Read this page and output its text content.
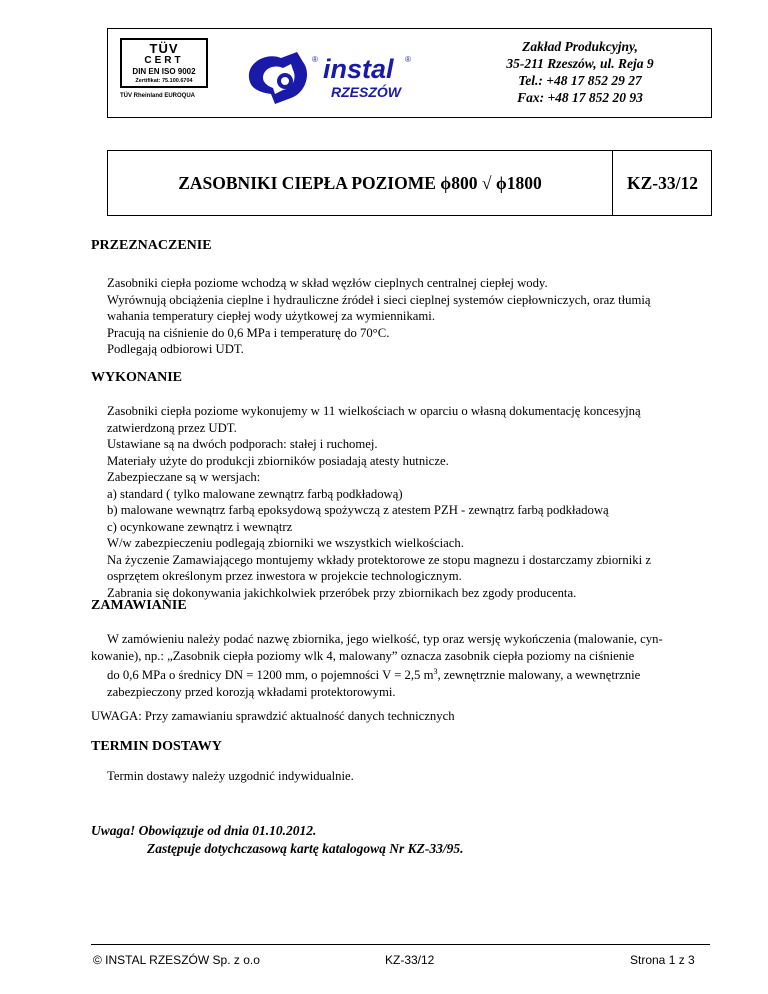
TÜV
CERT
DIN EN ISO 9002
Zertifikat: 75.100.6704
TÜV Rheinland EUROQUA
instal
RZESZÓW
®	®
Zakład Produkcyjny,
35-211 Rzeszów, ul. Reja 9
Tel.: +48 17 852 29 27
Fax: +48 17 852 20 93
ZASOBNIKI CIEPŁA POZIOME ϕ800 √ ϕ1800	KZ-33/12
PRZEZNACZENIE
Zasobniki ciepła poziome wchodzą w skład węzłów cieplnych centralnej ciepłej wody.
Wyrównują obciążenia cieplne i hydrauliczne źródeł i sieci cieplnej systemów ciepłowniczych, oraz tłumią
wahania temperatury ciepłej wody użytkowej za wymiennikami.
Pracują na ciśnienie do 0,6 MPa i temperaturę do 70°C.
Podlegają odbiorowi UDT.
WYKONANIE
Zasobniki ciepła poziome wykonujemy w 11 wielkościach w oparciu o własną dokumentację koncesyjną
zatwierdzoną przez UDT.
Ustawiane są na dwóch podporach: stałej i ruchomej.
Materiały użyte do produkcji zbiorników posiadają atesty hutnicze.
Zabezpieczane są w wersjach:
a) standard ( tylko malowane zewnątrz farbą podkładową)
b) malowane wewnątrz farbą epoksydową spożywczą z atestem PZH - zewnątrz farbą podkładową
c) ocynkowane zewnątrz i wewnątrz
W/w zabezpieczeniu podlegają zbiorniki we wszystkich wielkościach.
Na życzenie Zamawiającego montujemy wkłady protektorowe ze stopu magnezu i dostarczamy zbiorniki z
osprzętem określonym przez inwestora w projekcie technologicznym.
Zabrania się dokonywania jakichkolwiek przeróbek przy zbiornikach bez zgody producenta.
ZAMAWIANIE
W zamówieniu należy podać nazwę zbiornika, jego wielkość, typ oraz wersję wykończenia (malowanie, cyn-
kowanie), np.: „Zasobnik ciepła poziomy wlk 4, malowany” oznacza zasobnik ciepła poziomy na ciśnienie
do 0,6 MPa o średnicy DN = 1200 mm, o pojemności V = 2,5 $m^3$, zewnętrznie malowany, a wewnętrznie
zabezpieczony przed korozją wkładami protektorowymi.
UWAGA: Przy zamawianiu sprawdzić aktualność danych technicznych
TERMIN DOSTAWY
Termin dostawy należy uzgodnić indywidualnie.
Uwaga! Obowiązuje od dnia 01.10.2012.
Zastępuje dotychczasową kartę katalogową Nr KZ-33/95.
© INSTAL RZESZÓW Sp. z o.o	KZ-33/12	Strona 1 z 3
